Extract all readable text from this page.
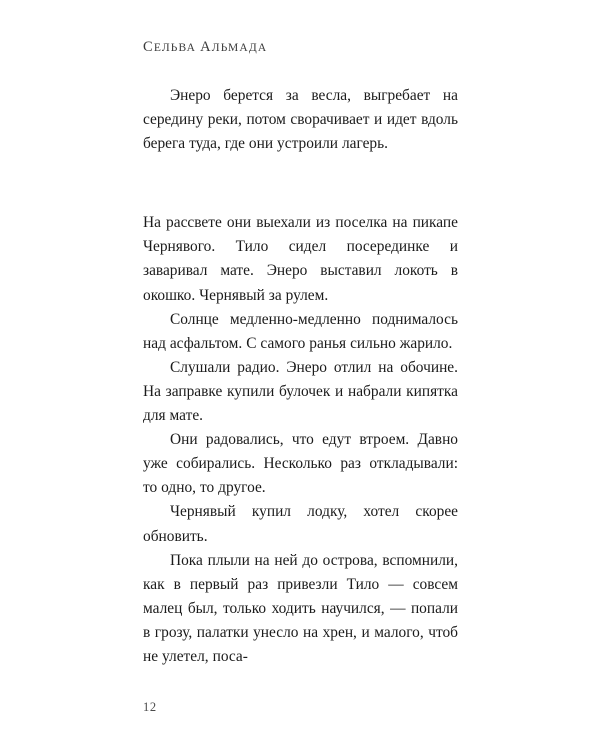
СЕЛЬВА АЛЬМАДА

Энеро берется за весла, выгребает на середину реки, потом сворачивает и идет вдоль берега туда, где они устроили лагерь.

На рассвете они выехали из поселка на пикапе Чернявого. Тило сидел посерединке и заваривал мате. Энеро выставил локоть в окошко. Чернявый за рулем.

Солнце медленно-медленно поднималось над асфальтом. С самого ранья сильно жарило.

Слушали радио. Энеро отлил на обочине. На заправке купили булочек и набрали кипятка для мате.

Они радовались, что едут втроем. Давно уже собирались. Несколько раз откладывали: то одно, то другое.

Чернявый купил лодку, хотел скорее обновить.

Пока плыли на ней до острова, вспомнили, как в первый раз привезли Тило — совсем малец был, только ходить научился, — попали в грозу, палатки унесло на хрен, и малого, чтоб не улетел, поса-

12
